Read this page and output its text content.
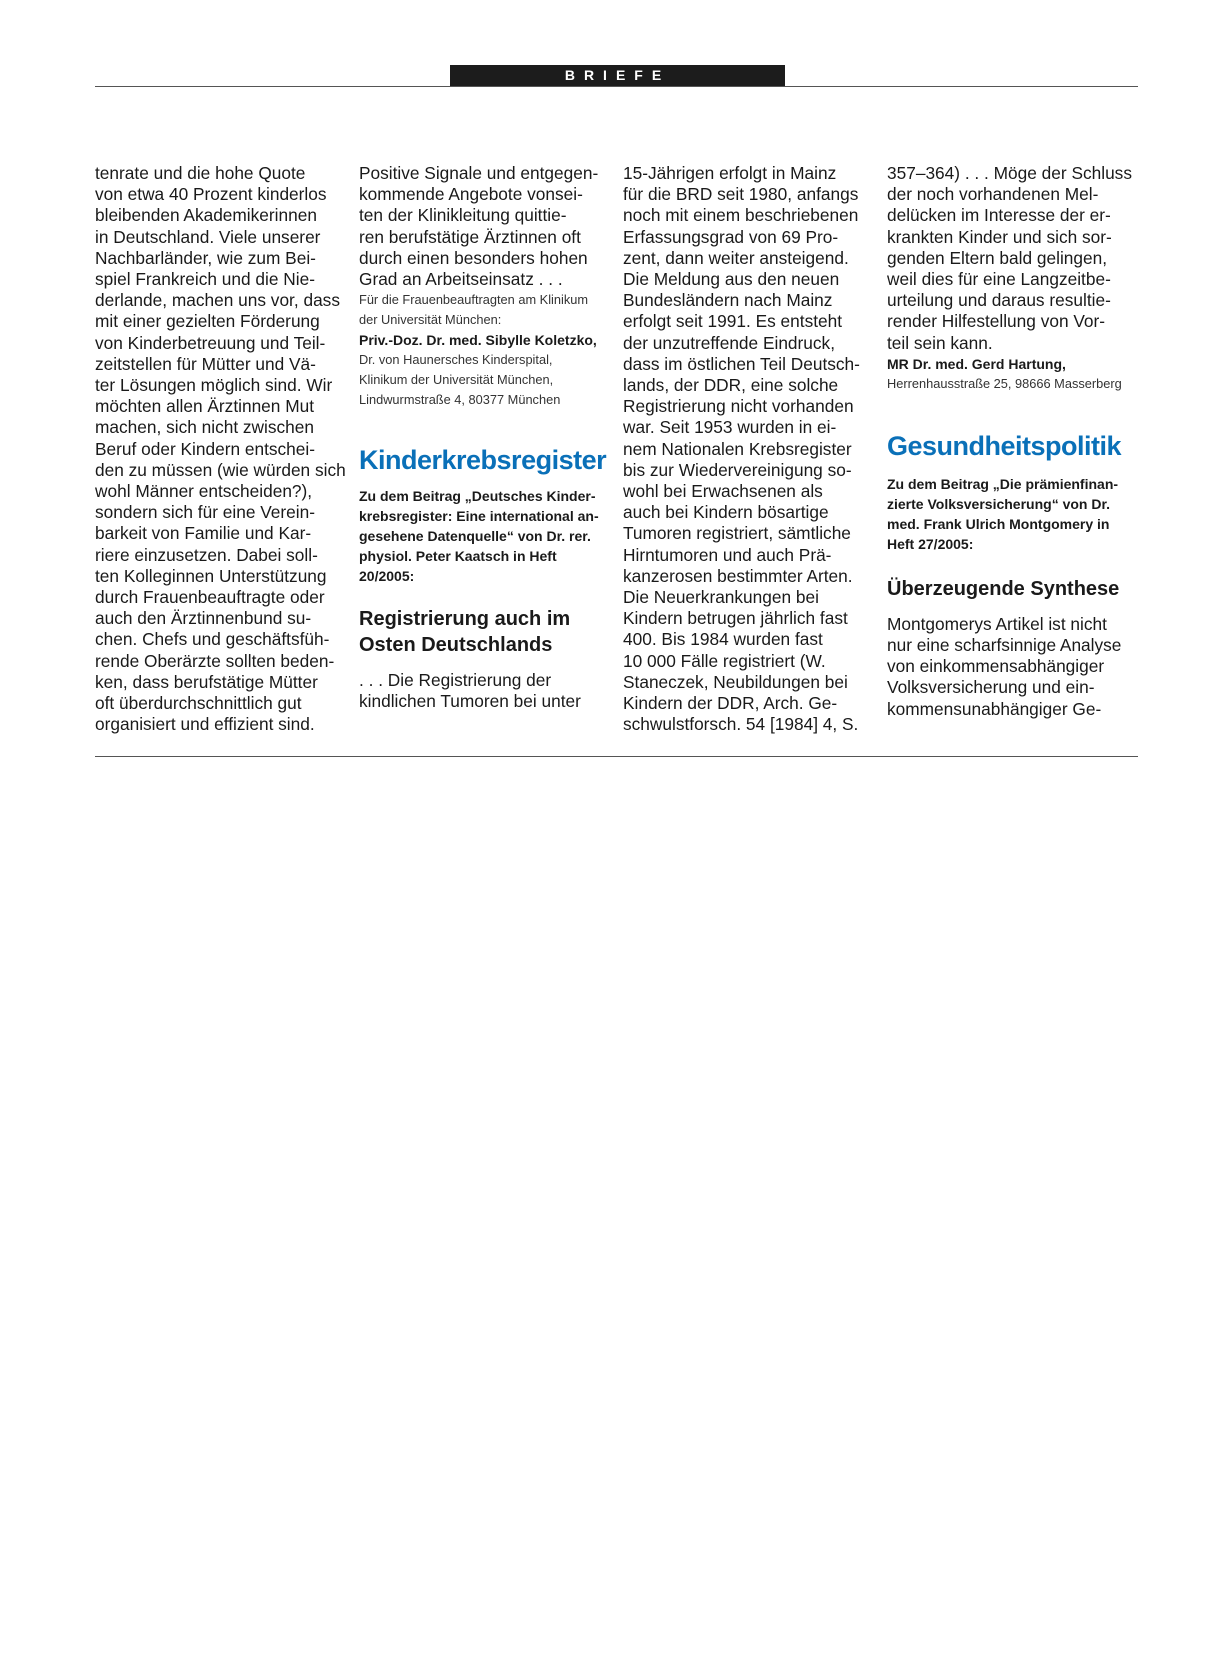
BRIEFE

tenrate und die hohe Quote
von etwa 40 Prozent kinderlos
bleibenden Akademikerinnen
in Deutschland. Viele unserer
Nachbarländer, wie zum Bei-
spiel Frankreich und die Nie-
derlande, machen uns vor, dass
mit einer gezielten Förderung
von Kinderbetreuung und Teil-
zeitstellen für Mütter und Vä-
ter Lösungen möglich sind. Wir
möchten allen Ärztinnen Mut
machen, sich nicht zwischen
Beruf oder Kindern entschei-
den zu müssen (wie würden sich
wohl Männer entscheiden?),
sondern sich für eine Verein-
barkeit von Familie und Kar-
riere einzusetzen. Dabei soll-
ten Kolleginnen Unterstützung
durch Frauenbeauftragte oder
auch den Ärztinnenbund su-
chen. Chefs und geschäftsfüh-
rende Oberärzte sollten beden-
ken, dass berufstätige Mütter
oft überdurchschnittlich gut
organisiert und effizient sind.

Positive Signale und entgegen-
kommende Angebote vonsei-
ten der Klinikleitung quittie-
ren berufstätige Ärztinnen oft
durch einen besonders hohen
Grad an Arbeitseinsatz . . .

Für die Frauenbeauftragten am Klinikum
der Universität München:

Priv.-Doz. Dr. med. Sibylle Koletzko,

Dr. von Haunersches Kinderspital,
Klinikum der Universität München,
Lindwurmstraße 4, 80377 München

Kinderkrebsregister

Zu dem Beitrag „Deutsches Kinder-
krebsregister: Eine international an-
gesehene Datenquelle“ von Dr. rer.
physiol. Peter Kaatsch in Heft
20/2005:

Registrierung auch im
Osten Deutschlands

. . . Die Registrierung der
kindlichen Tumoren bei unter

15-Jährigen erfolgt in Mainz
für die BRD seit 1980, anfangs
noch mit einem beschriebenen
Erfassungsgrad von 69 Pro-
zent, dann weiter ansteigend.
Die Meldung aus den neuen
Bundesländern nach Mainz
erfolgt seit 1991. Es entsteht
der unzutreffende Eindruck,
dass im östlichen Teil Deutsch-
lands, der DDR, eine solche
Registrierung nicht vorhanden
war. Seit 1953 wurden in ei-
nem Nationalen Krebsregister
bis zur Wiedervereinigung so-
wohl bei Erwachsenen als
auch bei Kindern bösartige
Tumoren registriert, sämtliche
Hirntumoren und auch Prä-
kanzerosen bestimmter Arten.
Die Neuerkrankungen bei
Kindern betrugen jährlich fast
400. Bis 1984 wurden fast
10 000 Fälle registriert (W.
Staneczek, Neubildungen bei
Kindern der DDR, Arch. Ge-
schwulstforsch. 54 [1984] 4, S.

357–364) . . . Möge der Schluss
der noch vorhandenen Mel-
delücken im Interesse der er-
krankten Kinder und sich sor-
genden Eltern bald gelingen,
weil dies für eine Langzeitbe-
urteilung und daraus resultie-
render Hilfestellung von Vor-
teil sein kann.

MR Dr. med. Gerd Hartung,

Herrenhausstraße 25, 98666 Masserberg

Gesundheitspolitik

Zu dem Beitrag „Die prämienfinan-
zierte Volksversicherung“ von Dr.
med. Frank Ulrich Montgomery in
Heft 27/2005:

Überzeugende Synthese

Montgomerys Artikel ist nicht
nur eine scharfsinnige Analyse
von einkommensabhängiger
Volksversicherung und ein-
kommensunabhängiger Ge-
